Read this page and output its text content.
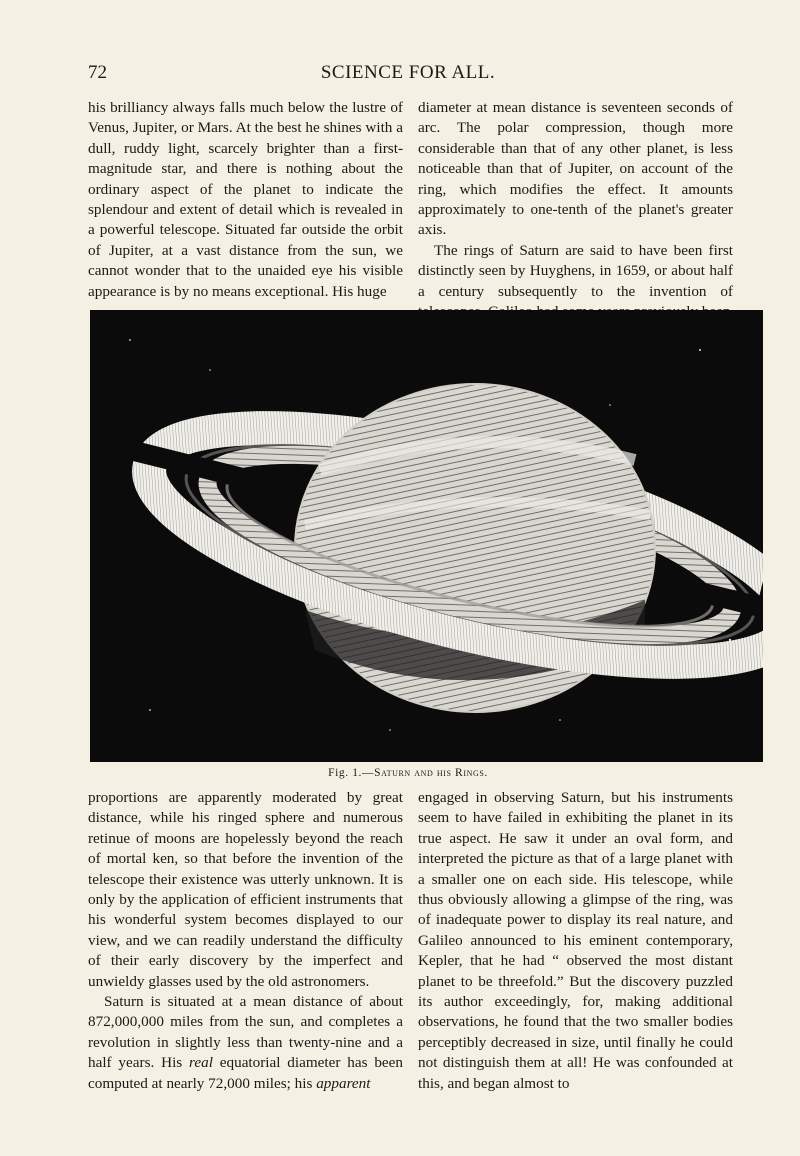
72	SCIENCE FOR ALL.

his brilliancy always falls much below the lustre of Venus, Jupiter, or Mars. At the best he shines with a dull, ruddy light, scarcely brighter than a first-magnitude star, and there is nothing about the ordinary aspect of the planet to indicate the splendour and extent of detail which is revealed in a powerful telescope. Situated far outside the orbit of Jupiter, at a vast distance from the sun, we cannot wonder that to the unaided eye his visible appearance is by no means exceptional. His huge

diameter at mean distance is seventeen seconds of arc. The polar compression, though more considerable than that of any other planet, is less noticeable than that of Jupiter, on account of the ring, which modifies the effect. It amounts approximately to one-tenth of the planet's greater axis.

The rings of Saturn are said to have been first distinctly seen by Huyghens, in 1659, or about half a century subsequently to the invention of

Fig. 1.—Saturn and his Rings.

proportions are apparently moderated by great distance, while his ringed sphere and numerous retinue of moons are hopelessly beyond the reach of mortal ken, so that before the invention of the telescope their existence was utterly unknown. It is only by the application of efficient instruments that his wonderful system becomes displayed to our view, and we can readily understand the difficulty of their early discovery by the imperfect and unwieldy glasses used by the old astronomers.

Saturn is situated at a mean distance of about 872,000,000 miles from the sun, and completes a revolution in slightly less than twenty-nine and a half years. His real equatorial diameter has been computed at nearly 72,000 miles; his apparent

engaged in observing Saturn, but his instruments seem to have failed in exhibiting the planet in its true aspect. He saw it under an oval form, and interpreted the picture as that of a large planet with a smaller one on each side. His telescope, while thus obviously allowing a glimpse of the ring, was of inadequate power to display its real nature, and Galileo announced to his eminent contemporary, Kepler, that he had “ observed the most distant planet to be threefold.” But the discovery puzzled its author exceedingly, for, making additional observations, he found that the two smaller bodies perceptibly decreased in size, until finally he could not distinguish them at all! He was confounded at this, and began almost to
